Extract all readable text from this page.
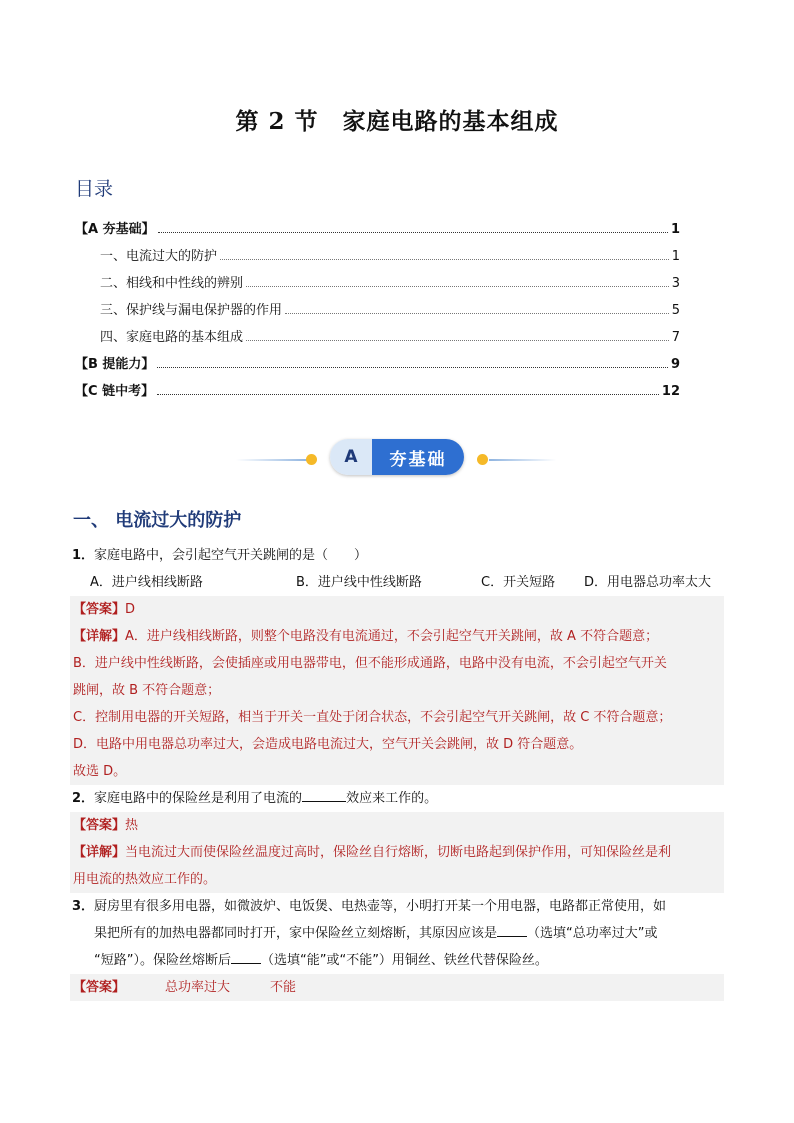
第 2 节　家庭电路的基本组成
目录
【A 夯基础】	1
一、电流过大的防护	1
二、相线和中性线的辨别	3
三、保护线与漏电保护器的作用	5
四、家庭电路的基本组成	7
【B 提能力】	9
【C 链中考】	12
A	夯基础
一、 电流过大的防护
1．家庭电路中，会引起空气开关跳闸的是（　　）
A．进户线相线断路	B．进户线中性线断路	C．开关短路	D．用电器总功率太大
【答案】D
【详解】A．进户线相线断路，则整个电路没有电流通过，不会引起空气开关跳闸，故 A 不符合题意；
B．进户线中性线断路，会使插座或用电器带电，但不能形成通路，电路中没有电流，不会引起空气开关
跳闸，故 B 不符合题意；
C．控制用电器的开关短路，相当于开关一直处于闭合状态，不会引起空气开关跳闸，故 C 不符合题意；
D．电路中用电器总功率过大，会造成电路电流过大，空气开关会跳闸，故 D 符合题意。
故选 D。
2．家庭电路中的保险丝是利用了电流的	效应来工作的。
【答案】热
【详解】当电流过大而使保险丝温度过高时，保险丝自行熔断，切断电路起到保护作用，可知保险丝是利
用电流的热效应工作的。
3．厨房里有很多用电器，如微波炉、电饭煲、电热壶等，小明打开某一个用电器，电路都正常使用，如
果把所有的加热电器都同时打开，家中保险丝立刻熔断，其原因应该是 （选填“总功率过大”或
“短路”）。保险丝熔断后 （选填“能”或“不能”）用铜丝、铁丝代替保险丝。
【答案】	总功率过大	不能
